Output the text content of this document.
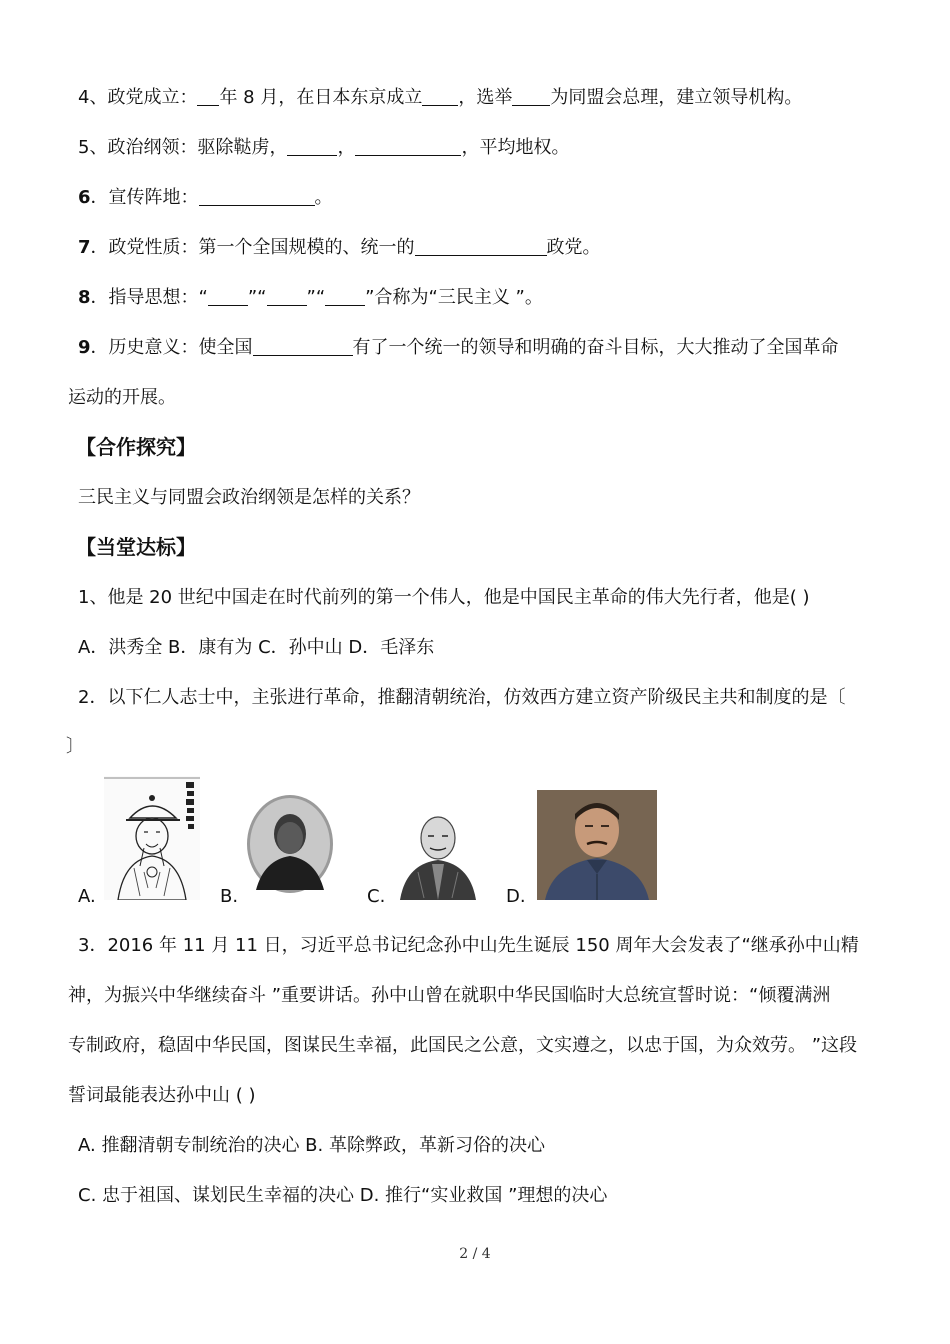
4、政党成立： 年 8 月，在日本东京成立 ，选举 为同盟会总理，建立领导机构。
5、政治纲领：驱除鞑虏，	，	，平均地权。
6．宣传阵地：	。
7．政党性质：第一个全国规模的、统一的	政党。
8．指导思想：“ ”“ ”“ ”合称为“三民主义 ”。
9．历史意义：使全国	有了一个统一的领导和明确的奋斗目标，大大推动了全国革命
运动的开展。
【合作探究】
三民主义与同盟会政治纲领是怎样的关系？
【当堂达标】
1、他是 20 世纪中国走在时代前列的第一个伟人，他是中国民主革命的伟大先行者，他是( )
A．洪秀全 B．康有为 C．孙中山 D．毛泽东
2．以下仁人志士中，主张进行革命，推翻清朝统治，仿效西方建立资产阶级民主共和制度的是〔
〕
A.	B.	C.	D.
3．2016 年 11 月 11 日，习近平总书记纪念孙中山先生诞辰 150 周年大会发表了“继承孙中山精
神，为振兴中华继续奋斗 ”重要讲话。孙中山曾在就职中华民国临时大总统宣誓时说：“倾覆满洲
专制政府，稳固中华民国，图谋民生幸福，此国民之公意，文实遵之，以忠于国，为众效劳。 ”这段
誓词最能表达孙中山 ( )
A. 推翻清朝专制统治的决心 B. 革除弊政，革新习俗的决心
C. 忠于祖国、谋划民生幸福的决心 D. 推行“实业救国 ”理想的决心
2 / 4
